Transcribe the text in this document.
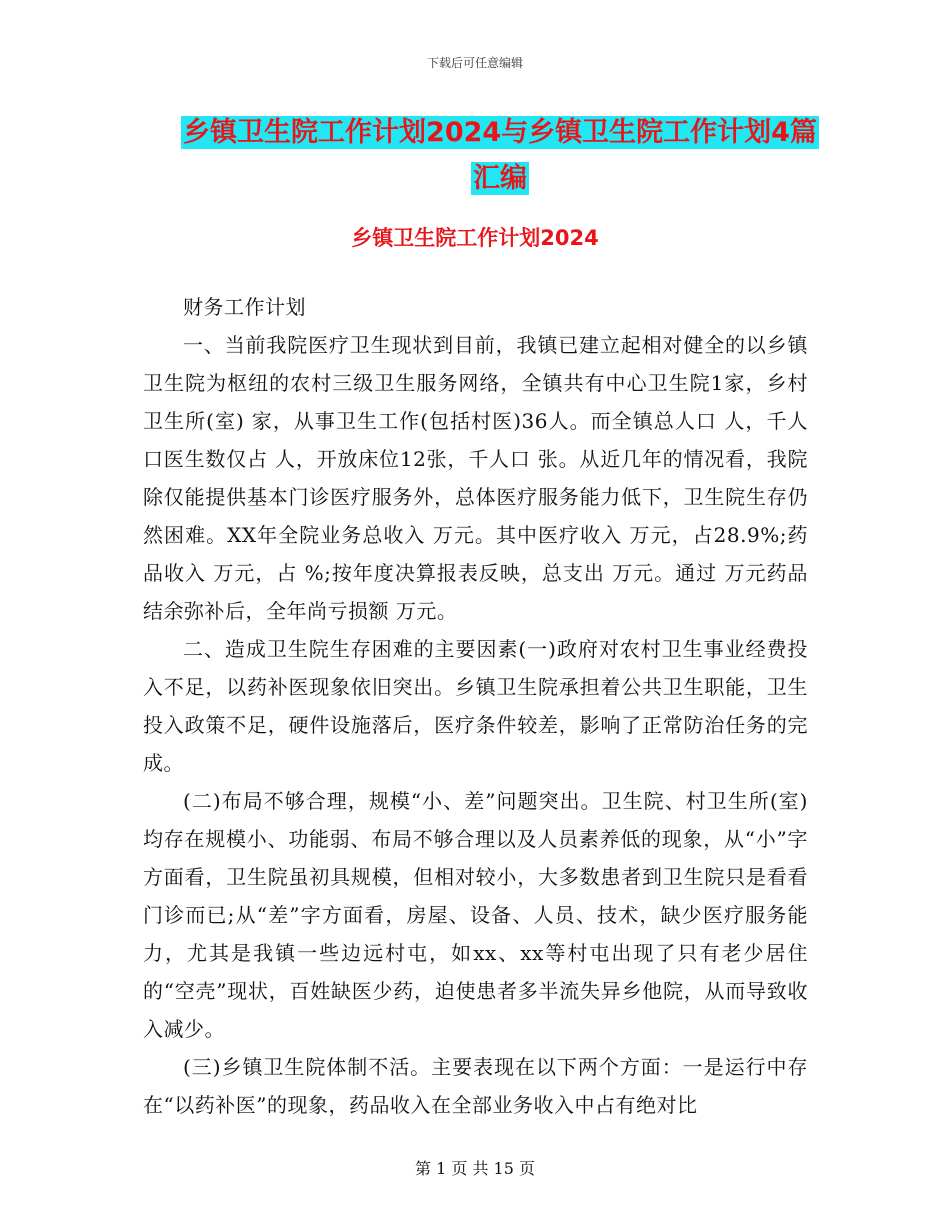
下载后可任意编辑
乡镇卫生院工作计划2024与乡镇卫生院工作计划4篇
汇编
乡镇卫生院工作计划2024

财务工作计划

一、当前我院医疗卫生现状到目前，我镇已建立起相对健全的以乡镇卫生院为枢纽的农村三级卫生服务网络，全镇共有中心卫生院1家，乡村卫生所(室) 家，从事卫生工作(包括村医)36人。而全镇总人口 人，千人口医生数仅占 人，开放床位12张，千人口 张。从近几年的情况看，我院除仅能提供基本门诊医疗服务外，总体医疗服务能力低下，卫生院生存仍然困难。XX年全院业务总收入 万元。其中医疗收入 万元，占28.9%;药品收入 万元，占 %;按年度决算报表反映，总支出 万元。通过 万元药品结余弥补后，全年尚亏损额 万元。

二、造成卫生院生存困难的主要因素(一)政府对农村卫生事业经费投入不足，以药补医现象依旧突出。乡镇卫生院承担着公共卫生职能，卫生投入政策不足，硬件设施落后，医疗条件较差，影响了正常防治任务的完成。

(二)布局不够合理，规模“小、差”问题突出。卫生院、村卫生所(室)均存在规模小、功能弱、布局不够合理以及人员素养低的现象，从“小”字方面看，卫生院虽初具规模，但相对较小，大多数患者到卫生院只是看看门诊而已;从“差”字方面看，房屋、设备、人员、技术，缺少医疗服务能力，尤其是我镇一些边远村屯，如xx、xx等村屯出现了只有老少居住的“空壳”现状，百姓缺医少药，迫使患者多半流失异乡他院，从而导致收入减少。

(三)乡镇卫生院体制不活。主要表现在以下两个方面：一是运行中存在“以药补医”的现象，药品收入在全部业务收入中占有绝对比

第 1 页 共 15 页
